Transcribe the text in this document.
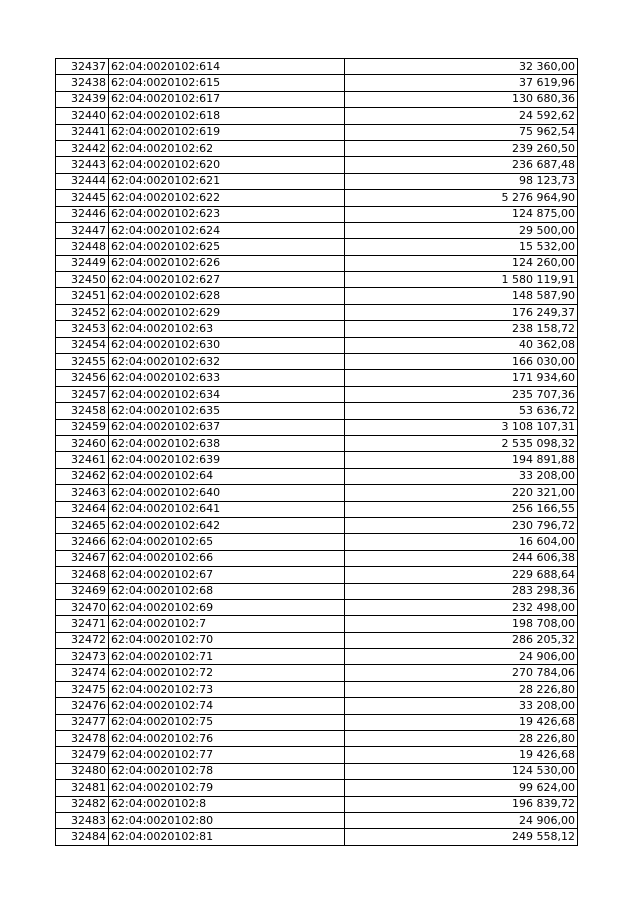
32437	62:04:0020102:614	32 360,00
32438	62:04:0020102:615	37 619,96
32439	62:04:0020102:617	130 680,36
32440	62:04:0020102:618	24 592,62
32441	62:04:0020102:619	75 962,54
32442	62:04:0020102:62	239 260,50
32443	62:04:0020102:620	236 687,48
32444	62:04:0020102:621	98 123,73
32445	62:04:0020102:622	5 276 964,90
32446	62:04:0020102:623	124 875,00
32447	62:04:0020102:624	29 500,00
32448	62:04:0020102:625	15 532,00
32449	62:04:0020102:626	124 260,00
32450	62:04:0020102:627	1 580 119,91
32451	62:04:0020102:628	148 587,90
32452	62:04:0020102:629	176 249,37
32453	62:04:0020102:63	238 158,72
32454	62:04:0020102:630	40 362,08
32455	62:04:0020102:632	166 030,00
32456	62:04:0020102:633	171 934,60
32457	62:04:0020102:634	235 707,36
32458	62:04:0020102:635	53 636,72
32459	62:04:0020102:637	3 108 107,31
32460	62:04:0020102:638	2 535 098,32
32461	62:04:0020102:639	194 891,88
32462	62:04:0020102:64	33 208,00
32463	62:04:0020102:640	220 321,00
32464	62:04:0020102:641	256 166,55
32465	62:04:0020102:642	230 796,72
32466	62:04:0020102:65	16 604,00
32467	62:04:0020102:66	244 606,38
32468	62:04:0020102:67	229 688,64
32469	62:04:0020102:68	283 298,36
32470	62:04:0020102:69	232 498,00
32471	62:04:0020102:7	198 708,00
32472	62:04:0020102:70	286 205,32
32473	62:04:0020102:71	24 906,00
32474	62:04:0020102:72	270 784,06
32475	62:04:0020102:73	28 226,80
32476	62:04:0020102:74	33 208,00
32477	62:04:0020102:75	19 426,68
32478	62:04:0020102:76	28 226,80
32479	62:04:0020102:77	19 426,68
32480	62:04:0020102:78	124 530,00
32481	62:04:0020102:79	99 624,00
32482	62:04:0020102:8	196 839,72
32483	62:04:0020102:80	24 906,00
32484	62:04:0020102:81	249 558,12
